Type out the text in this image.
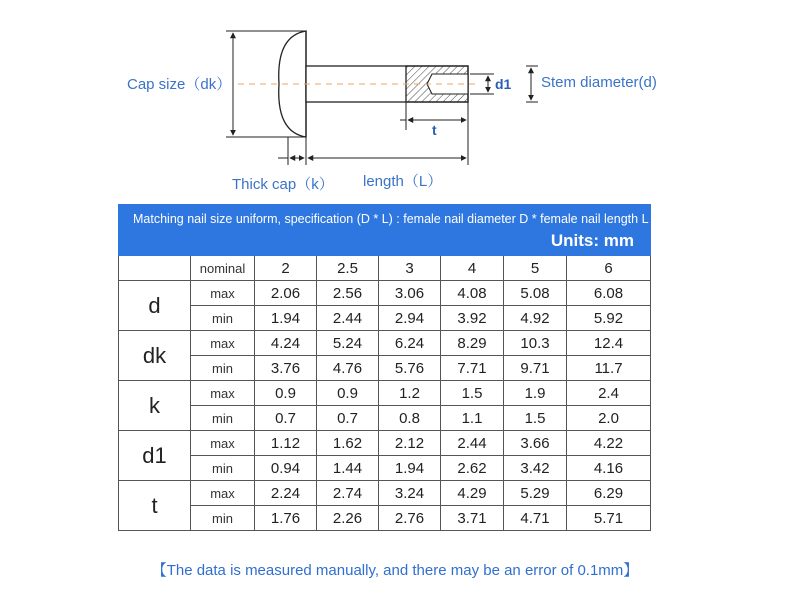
Cap size（dk）
Thick cap（k） length（L）
t
d1 Stem diameter(d)
Matching nail size uniform, specification (D * L) : female nail diameter D * female nail length L
Units: mm							

	nominal	2	2.5	3	4	5	6
d	max	2.06	2.56	3.06	4.08	5.08	6.08
	min	1.94	2.44	2.94	3.92	4.92	5.92
dk	max	4.24	5.24	6.24	8.29	10.3	12.4
	min	3.76	4.76	5.76	7.71	9.71	11.7
k	max	0.9	0.9	1.2	1.5	1.9	2.4
	min	0.7	0.7	0.8	1.1	1.5	2.0
d1	max	1.12	1.62	2.12	2.44	3.66	4.22
	min	0.94	1.44	1.94	2.62	3.42	4.16
t	max	2.24	2.74	3.24	4.29	5.29	6.29
	min	1.76	2.26	2.76	3.71	4.71	5.71
【The data is measured manually, and there may be an error of 0.1mm】
